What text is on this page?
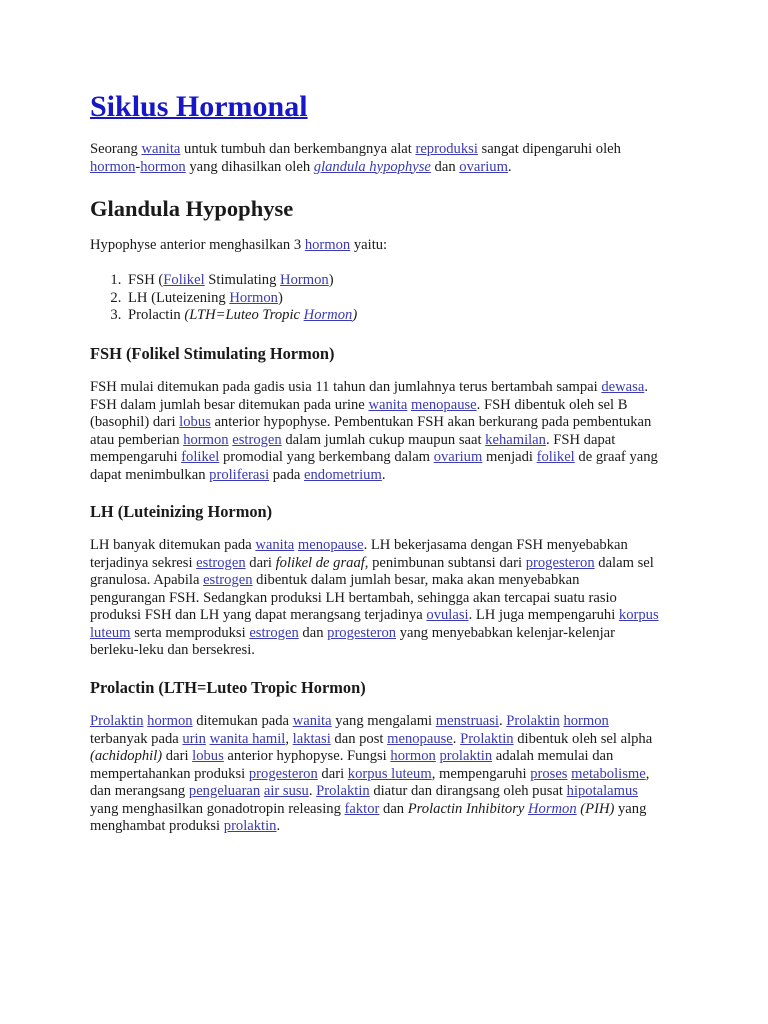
Siklus Hormonal

Seorang wanita untuk tumbuh dan berkembangnya alat reproduksi sangat dipengaruhi oleh
hormon-hormon yang dihasilkan oleh glandula hypophyse dan ovarium.

Glandula Hypophyse

Hypophyse anterior menghasilkan 3 hormon yaitu:

1. FSH (Folikel Stimulating Hormon)
2. LH (Luteizening Hormon)
3. Prolactin (LTH=Luteo Tropic Hormon)
FSH (Folikel Stimulating Hormon)

FSH mulai ditemukan pada gadis usia 11 tahun dan jumlahnya terus bertambah sampai dewasa.
FSH dalam jumlah besar ditemukan pada urine wanita menopause. FSH dibentuk oleh sel B
(basophil) dari lobus anterior hypophyse. Pembentukan FSH akan berkurang pada pembentukan
atau pemberian hormon estrogen dalam jumlah cukup maupun saat kehamilan. FSH dapat
mempengaruhi folikel promodial yang berkembang dalam ovarium menjadi folikel de graaf yang
dapat menimbulkan proliferasi pada endometrium.

LH (Luteinizing Hormon)

LH banyak ditemukan pada wanita menopause. LH bekerjasama dengan FSH menyebabkan
terjadinya sekresi estrogen dari folikel de graaf, penimbunan subtansi dari progesteron dalam sel
granulosa. Apabila estrogen dibentuk dalam jumlah besar, maka akan menyebabkan
pengurangan FSH. Sedangkan produksi LH bertambah, sehingga akan tercapai suatu rasio
produksi FSH dan LH yang dapat merangsang terjadinya ovulasi. LH juga mempengaruhi korpus
luteum serta memproduksi estrogen dan progesteron yang menyebabkan kelenjar-kelenjar
berleku-leku dan bersekresi.

Prolactin (LTH=Luteo Tropic Hormon)

Prolaktin hormon ditemukan pada wanita yang mengalami menstruasi. Prolaktin hormon
terbanyak pada urin wanita hamil, laktasi dan post menopause. Prolaktin dibentuk oleh sel alpha
(achidophil) dari lobus anterior hyphopyse. Fungsi hormon prolaktin adalah memulai dan
mempertahankan produksi progesteron dari korpus luteum, mempengaruhi proses metabolisme,
dan merangsang pengeluaran air susu. Prolaktin diatur dan dirangsang oleh pusat hipotalamus
yang menghasilkan gonadotropin releasing faktor dan Prolactin Inhibitory Hormon (PIH) yang
menghambat produksi prolaktin.
